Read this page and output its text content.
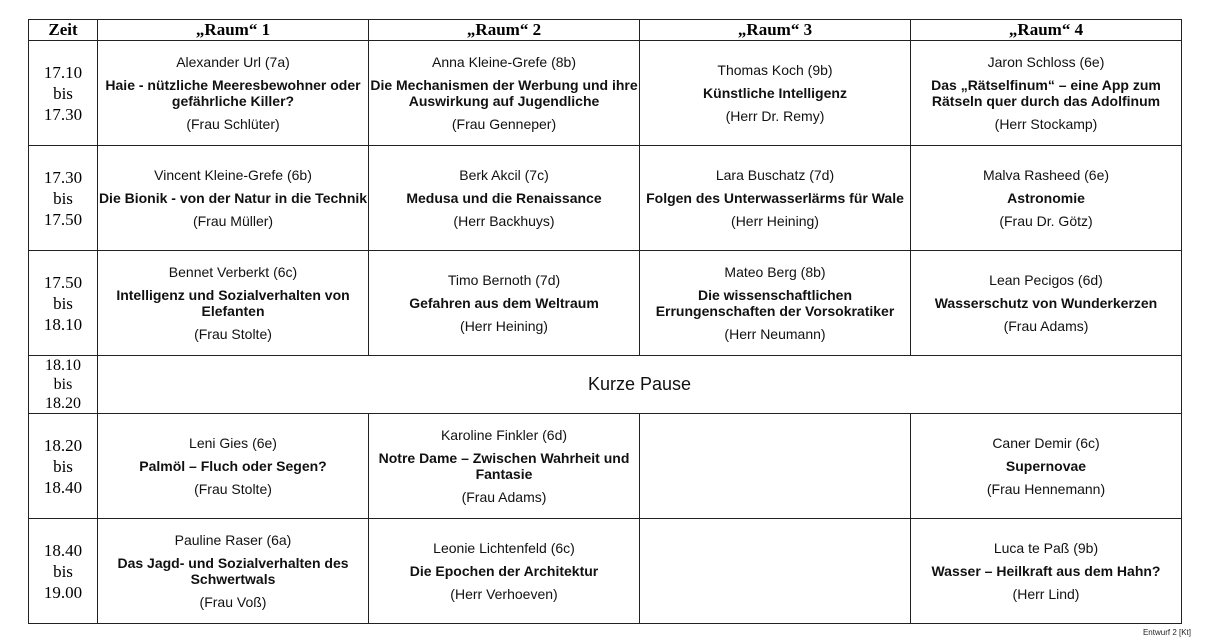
Zeit	„Raum“ 1	„Raum“ 2	„Raum“ 3	„Raum“ 4

17.10
bis
17.30	Alexander Url (7a)
Haie - nützliche Meeresbewohner oder gefährliche Killer?
(Frau Schlüter)	Anna Kleine-Grefe (8b)
Die Mechanismen der Werbung und ihre Auswirkung auf Jugendliche
(Frau Genneper)	Thomas Koch (9b)
Künstliche Intelligenz
(Herr Dr. Remy)	Jaron Schloss (6e)
Das „Rätselfinum“ – eine App zum Rätseln quer durch das Adolfinum
(Herr Stockamp)

17.30
bis
17.50	Vincent Kleine-Grefe (6b)
Die Bionik - von der Natur in die Technik
(Frau Müller)	Berk Akcil (7c)
Medusa und die Renaissance
(Herr Backhuys)	Lara Buschatz (7d)
Folgen des Unterwasserlärms für Wale
(Herr Heining)	Malva Rasheed (6e)
Astronomie
(Frau Dr. Götz)

17.50
bis
18.10	Bennet Verberkt (6c)
Intelligenz und Sozialverhalten von Elefanten
(Frau Stolte)	Timo Bernoth (7d)
Gefahren aus dem Weltraum
(Herr Heining)	Mateo Berg (8b)
Die wissenschaftlichen Errungenschaften der Vorsokratiker
(Herr Neumann)	Lean Pecigos (6d)
Wasserschutz von Wunderkerzen
(Frau Adams)

18.10
bis
18.20	Kurze Pause			

18.20
bis
18.40	Leni Gies (6e)
Palmöl – Fluch oder Segen?
(Frau Stolte)	Karoline Finkler (6d)
Notre Dame – Zwischen Wahrheit und Fantasie
(Frau Adams)		Caner Demir (6c)
Supernovae
(Frau Hennemann)

18.40
bis
19.00	Pauline Raser (6a)
Das Jagd- und Sozialverhalten des Schwertwals
(Frau Voß)	Leonie Lichtenfeld (6c)
Die Epochen der Architektur
(Herr Verhoeven)		Luca te Paß (9b)
Wasser – Heilkraft aus dem Hahn?
(Herr Lind)
Entwurf 2 [Kt]
